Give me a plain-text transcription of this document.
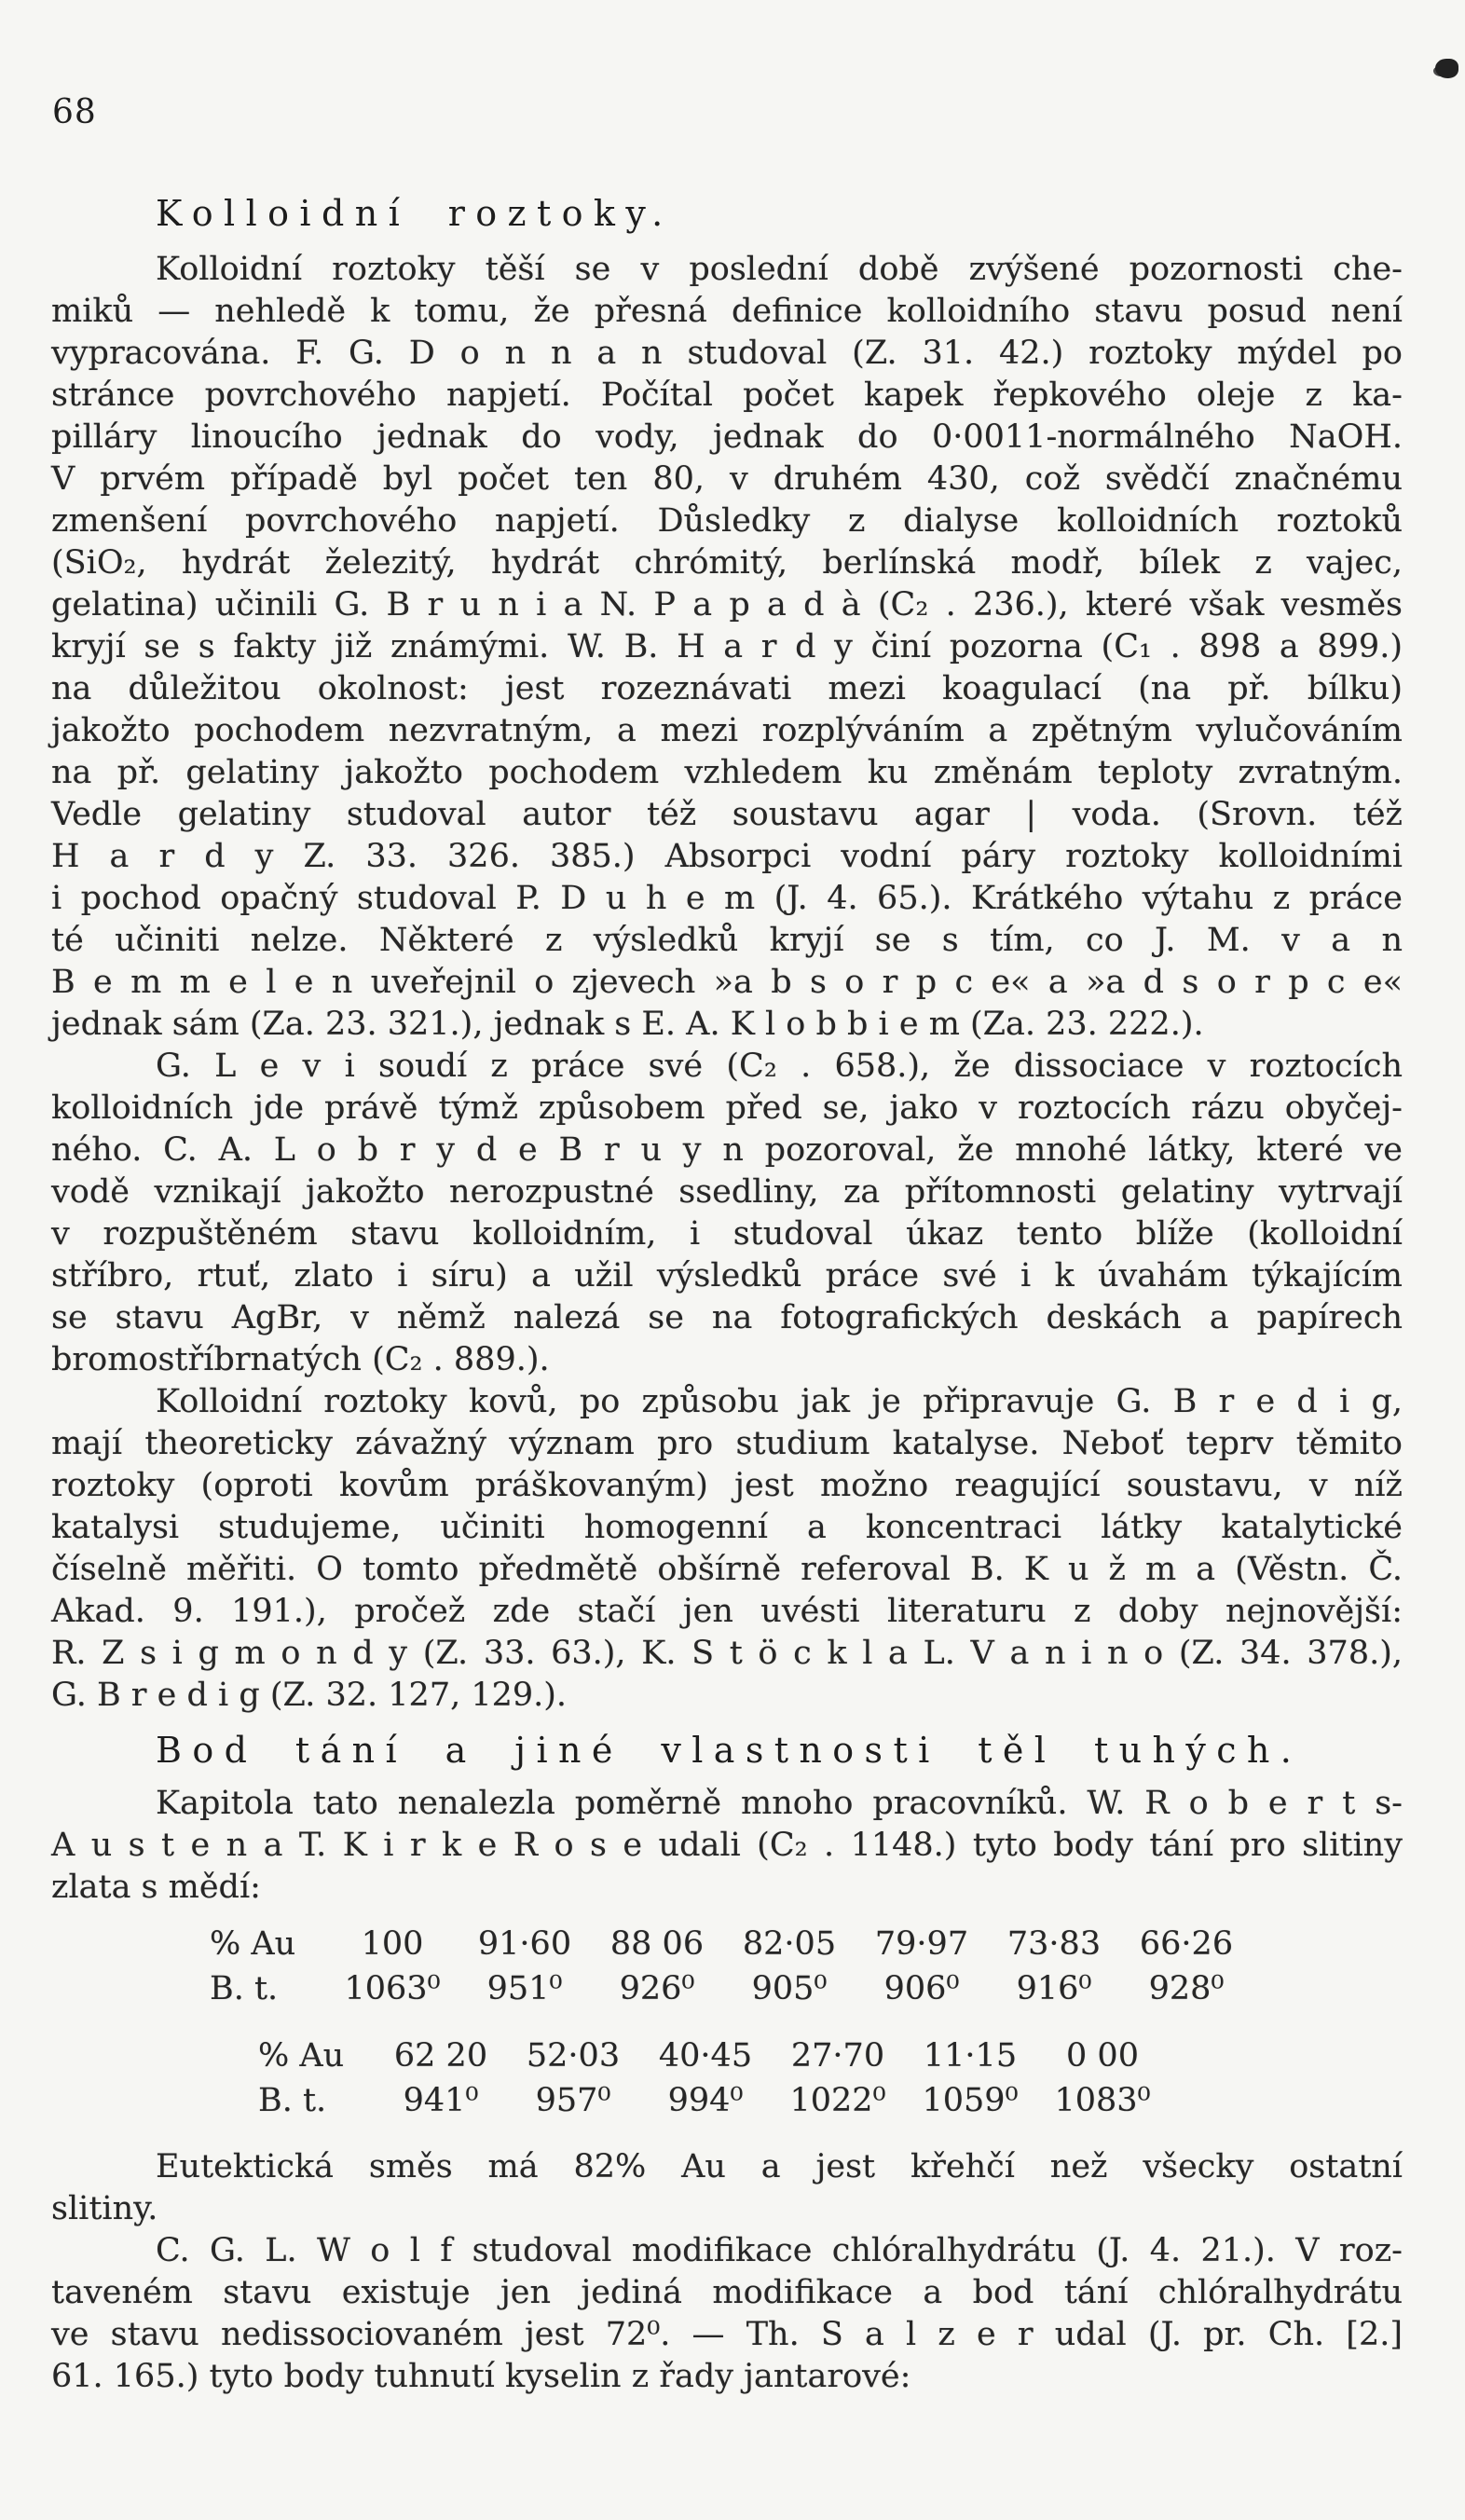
68
Kolloidní roztoky.

Kolloidní roztoky těší se v poslední době zvýšené pozornosti che-
miků — nehledě k tomu, že přesná definice kolloidního stavu posud není
vypracována. F. G. D o n n a n studoval (Z. 31. 42.) roztoky mýdel po
stránce povrchového napjetí. Počítal počet kapek řepkového oleje z ka-
pilláry linoucího jednak do vody, jednak do 0·0011-normálného NaOH.
V prvém případě byl počet ten 80, v druhém 430, což svědčí značnému
zmenšení povrchového napjetí. Důsledky z dialyse kolloidních roztoků
(SiO₂, hydrát železitý, hydrát chrómitý, berlínská modř, bílek z vajec,
gelatina) učinili G. B r u n i a N. P a p a d à (C₂ . 236.), které však vesměs
kryjí se s fakty již známými. W. B. H a r d y činí pozorna (C₁ . 898 a 899.)
na důležitou okolnost: jest rozeznávati mezi koagulací (na př. bílku)
jakožto pochodem nezvratným, a mezi rozplýváním a zpětným vylučováním
na př. gelatiny jakožto pochodem vzhledem ku změnám teploty zvratným.
Vedle gelatiny studoval autor též soustavu agar | voda. (Srovn. též
H a r d y Z. 33. 326. 385.) Absorpci vodní páry roztoky kolloidními
i pochod opačný studoval P. D u h e m (J. 4. 65.). Krátkého výtahu z práce
té učiniti nelze. Některé z výsledků kryjí se s tím, co J. M. v a n
B e m m e l e n uveřejnil o zjevech »a b s o r p c e« a »a d s o r p c e«
jednak sám (Za. 23. 321.), jednak s E. A. K l o b b i e m (Za. 23. 222.).

G. L e v i soudí z práce své (C₂ . 658.), že dissociace v roztocích
kolloidních jde právě týmž způsobem před se, jako v roztocích rázu obyčej-
ného. C. A. L o b r y d e B r u y n pozoroval, že mnohé látky, které ve
vodě vznikají jakožto nerozpustné ssedliny, za přítomnosti gelatiny vytrvají
v rozpuštěném stavu kolloidním, i studoval úkaz tento blíže (kolloidní
stříbro, rtuť, zlato i síru) a užil výsledků práce své i k úvahám týkajícím
se stavu AgBr, v němž nalezá se na fotografických deskách a papírech
bromostříbrnatých (C₂ . 889.).

Kolloidní roztoky kovů, po způsobu jak je připravuje G. B r e d i g,
mají theoreticky závažný význam pro studium katalyse. Neboť teprv těmito
roztoky (oproti kovům práškovaným) jest možno reagující soustavu, v níž
katalysi studujeme, učiniti homogenní a koncentraci látky katalytické
číselně měřiti. O tomto předmětě obšírně referoval B. K u ž m a (Věstn. Č.
Akad. 9. 191.), pročež zde stačí jen uvésti literaturu z doby nejnovější:
R. Z s i g m o n d y (Z. 33. 63.), K. S t ö c k l a L. V a n i n o (Z. 34. 378.),
G. B r e d i g (Z. 32. 127, 129.).

Bod tání a jiné vlastnosti těl tuhých.

Kapitola tato nenalezla poměrně mnoho pracovníků. W. R o b e r t s-
A u s t e n a T. K i r k e R o s e udali (C₂ . 1148.) tyto body tání pro slitiny
zlata s mědí:

% Au	100	91·60	88 06	82·05	79·97	73·83	66·26
B. t.	1063⁰	951⁰	926⁰	905⁰	906⁰	916⁰	928⁰
% Au	62 20	52·03	40·45	27·70	11·15	0 00
B. t.	941⁰	957⁰	994⁰	1022⁰	1059⁰	1083⁰

Eutektická směs má 82% Au a jest křehčí než všecky ostatní
slitiny.

C. G. L. W o l f studoval modifikace chlóralhydrátu (J. 4. 21.). V roz-
taveném stavu existuje jen jediná modifikace a bod tání chlóralhydrátu
ve stavu nedissociovaném jest 72⁰. — Th. S a l z e r udal (J. pr. Ch. [2.]
61. 165.) tyto body tuhnutí kyselin z řady jantarové:
